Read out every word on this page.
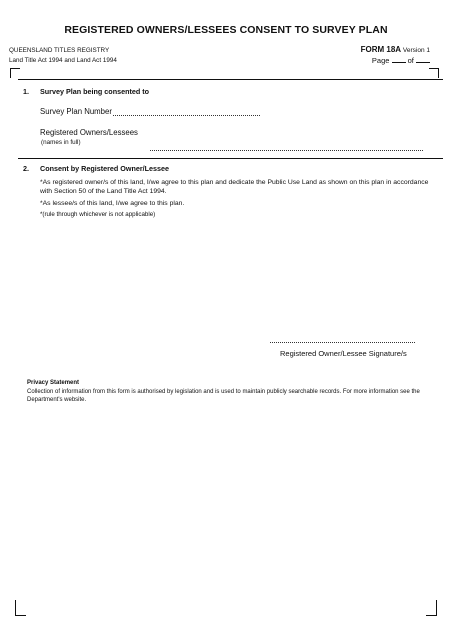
REGISTERED OWNERS/LESSEES CONSENT TO SURVEY PLAN
QUEENSLAND TITLES REGISTRY
Land Title Act 1994 and Land Act 1994
FORM 18A Version 1
Page of
1. Survey Plan being consented to
Survey Plan Number
Registered Owners/Lessees
(names in full)
2. Consent by Registered Owner/Lessee
*As registered owner/s of this land, I/we agree to this plan and dedicate the Public Use Land as shown on this plan in accordance with Section 50 of the Land Title Act 1994.
*As lessee/s of this land, I/we agree to this plan.
*(rule through whichever is not applicable)
Registered Owner/Lessee Signature/s
Privacy Statement
Collection of information from this form is authorised by legislation and is used to maintain publicly searchable records. For more information see the Department's website.
